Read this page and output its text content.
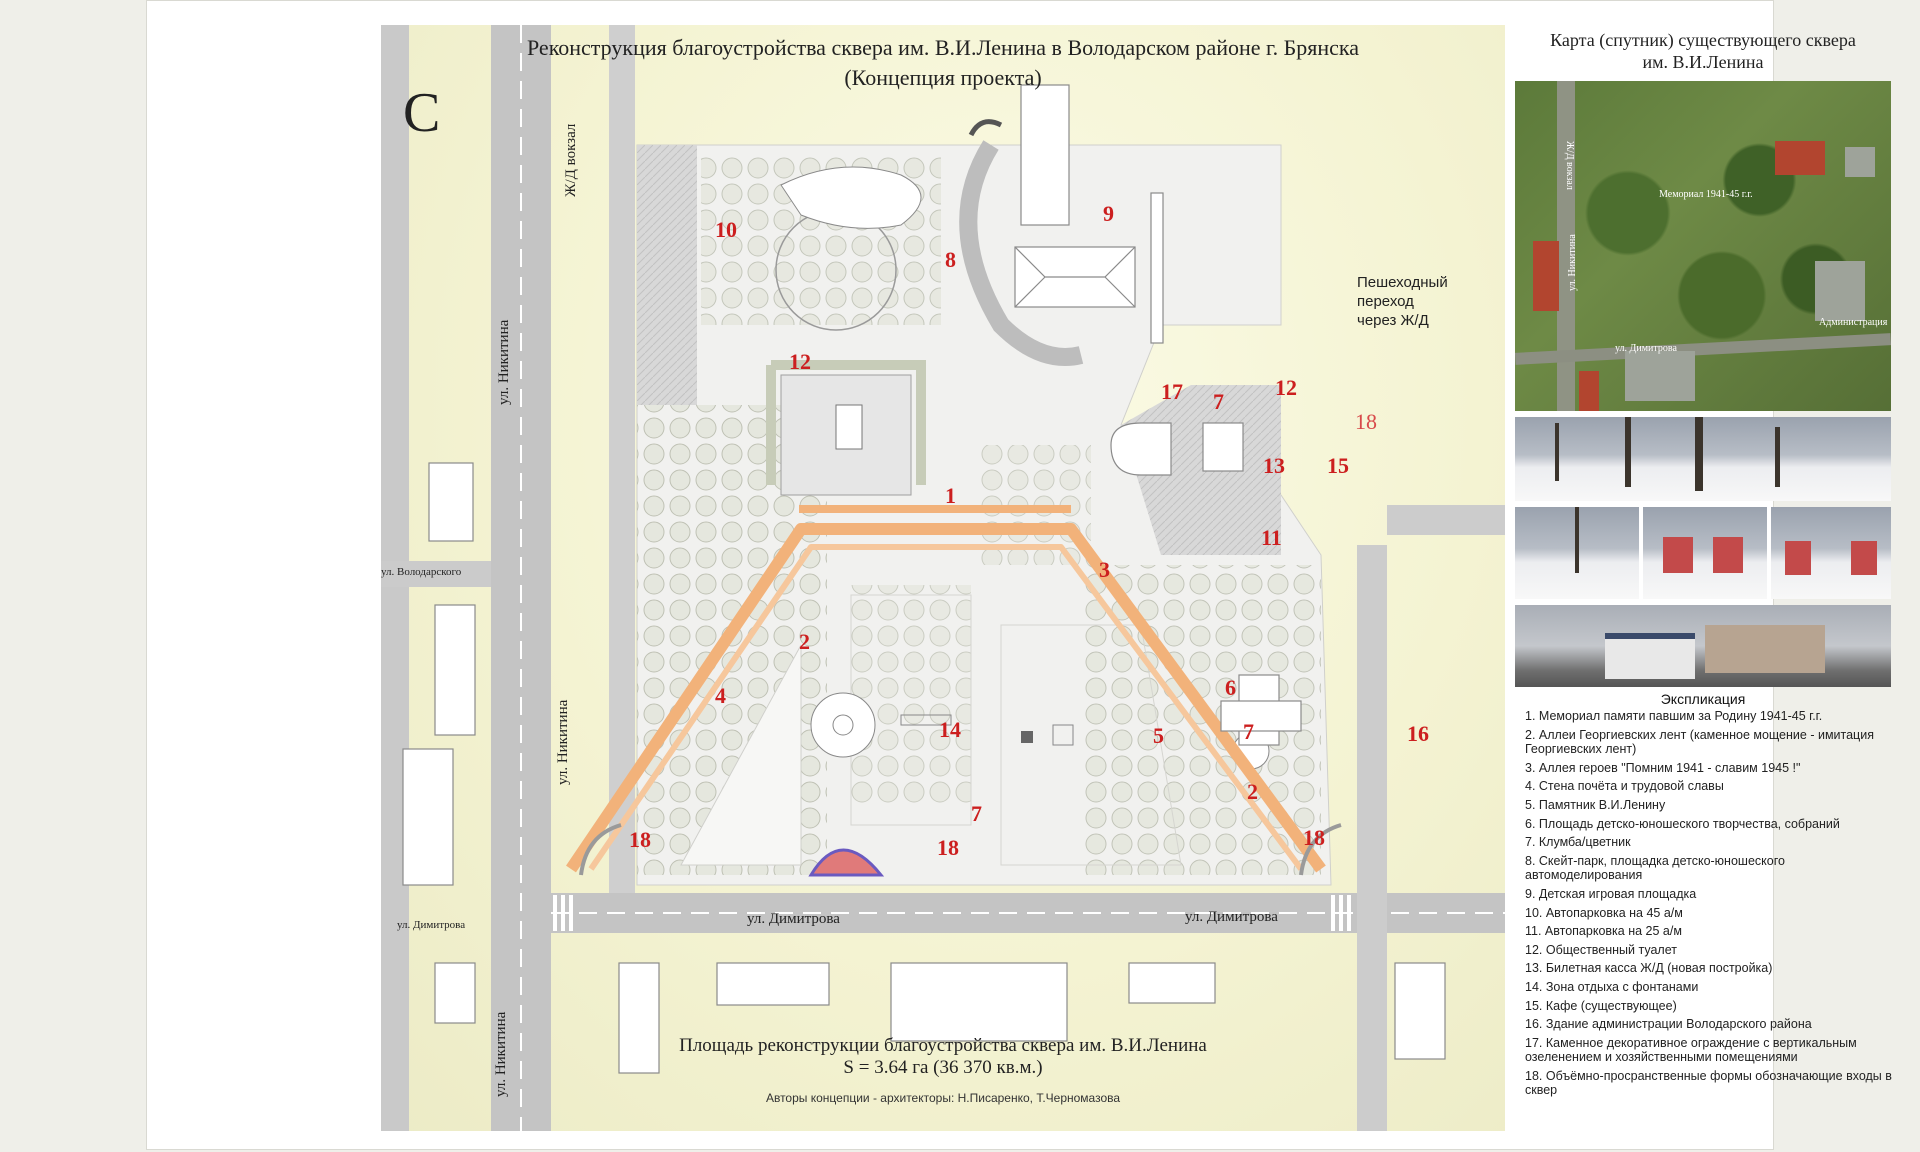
Реконструкция благоустройства сквера им. В.И.Ленина в Володарском районе г. Брянска
(Концепция проекта)
С
ул. Никитина
Ж/Д вокзал
ул. Никитина
ул. Никитина
ул. Володарского
ул. Димитрова	ул. Димитрова	ул. Димитрова
Пешеходный
переход
через Ж/Д
1
2
2
3
4
5
6
7
7
7
8
9
10
11
12
12
13
14
15
16
17
18	18	18
18
Площадь реконструкции благоустройства сквера им. В.И.Ленина
S = 3.64 га (36 370 кв.м.)
Авторы концепции - архитекторы: Н.Писаренко, Т.Черномазова
Карта (спутник) существующего сквера
им. В.И.Ленина
Ж/Д вокзал
Мемориал 1941-45 г.г.
ул. Никитина
Администрация
ул. Димитрова
Экспликация
1. Мемориал памяти павшим за Родину 1941-45 г.г.
2. Аллеи Георгиевских лент (каменное мощение - имитация Георгиевских лент)
3. Аллея героев "Помним 1941 - славим 1945 !"
4. Стена почёта и трудовой славы
5. Памятник В.И.Ленину
6. Площадь детско-юношеского творчества, собраний
7. Клумба/цветник
8. Скейт-парк, площадка детско-юношеского автомоделирования
9. Детская игровая площадка
10. Автопарковка на 45 а/м
11. Автопарковка на 25 а/м
12. Общественный туалет
13. Билетная касса Ж/Д (новая постройка)
14. Зона отдыха с фонтанами
15. Кафе (существующее)
16. Здание администрации Володарского района
17. Каменное декоративное ограждение с вертикальным озеленением и хозяйственными помещениями
18. Объёмно-просранственные формы обозначающие входы в сквер
